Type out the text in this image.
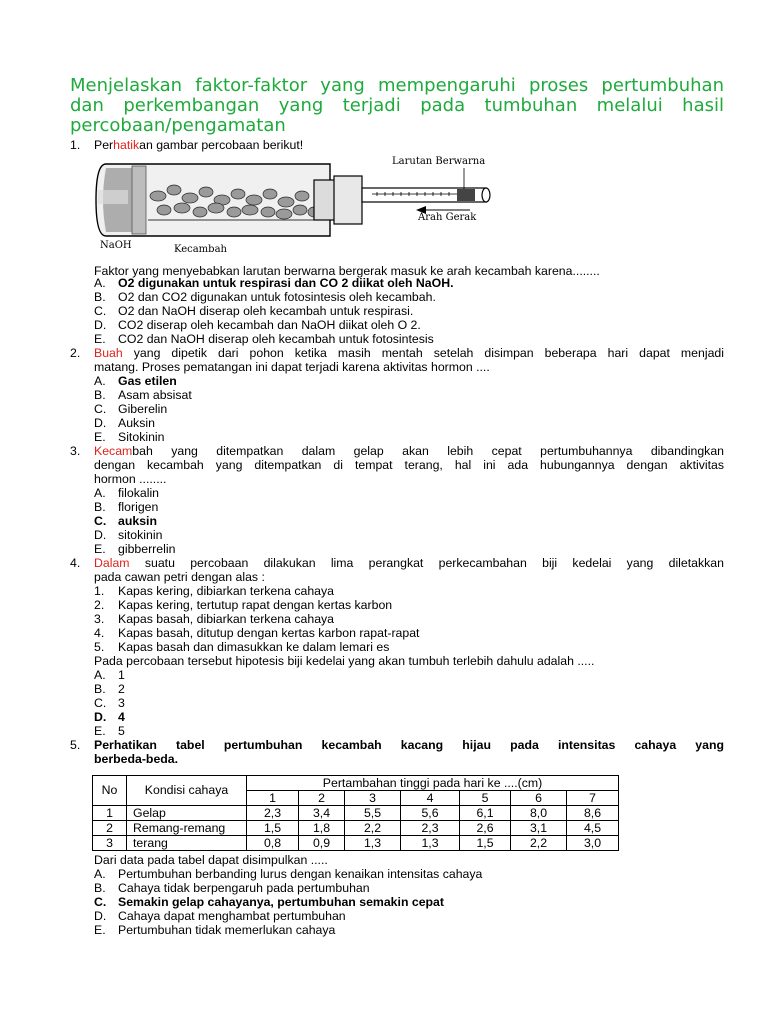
Menjelaskan faktor-faktor yang mempengaruhi proses pertumbuhan
dan perkembangan yang terjadi pada tumbuhan melalui hasil
percobaan/pengamatan
1. Perhatikan gambar percobaan berikut!
Larutan Berwarna
Arah Gerak
NaOH	Kecambah
Faktor yang menyebabkan larutan berwarna bergerak masuk ke arah kecambah karena........
A. O2 digunakan untuk respirasi dan CO 2 diikat oleh NaOH.
B. O2 dan CO2 digunakan untuk fotosintesis oleh kecambah.
C. O2 dan NaOH diserap oleh kecambah untuk respirasi.
D. CO2 diserap oleh kecambah dan NaOH diikat oleh O 2.
E. CO2 dan NaOH diserap oleh kecambah untuk fotosintesis
2. Buah yang dipetik dari pohon ketika masih mentah setelah disimpan beberapa hari dapat menjadi
matang. Proses pematangan ini dapat terjadi karena aktivitas hormon ....
A. Gas etilen
B. Asam absisat
C. Giberelin
D. Auksin
E. Sitokinin
3. Kecambah yang ditempatkan dalam gelap akan lebih cepat pertumbuhannya dibandingkan
dengan kecambah yang ditempatkan di tempat terang, hal ini ada hubungannya dengan aktivitas
hormon ........
A. filokalin
B. florigen
C. auksin
D. sitokinin
E. gibberrelin
4. Dalam suatu percobaan dilakukan lima perangkat perkecambahan biji kedelai yang diletakkan
pada cawan petri dengan alas :
1. Kapas kering, dibiarkan terkena cahaya
2. Kapas kering, tertutup rapat dengan kertas karbon
3. Kapas basah, dibiarkan terkena cahaya
4. Kapas basah, ditutup dengan kertas karbon rapat-rapat
5. Kapas basah dan dimasukkan ke dalam lemari es
Pada percobaan tersebut hipotesis biji kedelai yang akan tumbuh terlebih dahulu adalah .....
A. 1
B. 2
C. 3
D. 4
E. 5
5. Perhatikan tabel pertumbuhan kecambah kacang hijau pada intensitas cahaya yang
berbeda-beda.
No	Kondisi cahaya	Pertambahan tinggi pada hari ke ....(cm)						
		1	2	3	4	5	6	7
1	Gelap	2,3	3,4	5,5	5,6	6,1	8,0	8,6
2	Remang-remang	1,5	1,8	2,2	2,3	2,6	3,1	4,5
3	terang	0,8	0,9	1,3	1,3	1,5	2,2	3,0
Dari data pada tabel dapat disimpulkan .....
A. Pertumbuhan berbanding lurus dengan kenaikan intensitas cahaya
B. Cahaya tidak berpengaruh pada pertumbuhan
C. Semakin gelap cahayanya, pertumbuhan semakin cepat
D. Cahaya dapat menghambat pertumbuhan
E. Pertumbuhan tidak memerlukan cahaya
